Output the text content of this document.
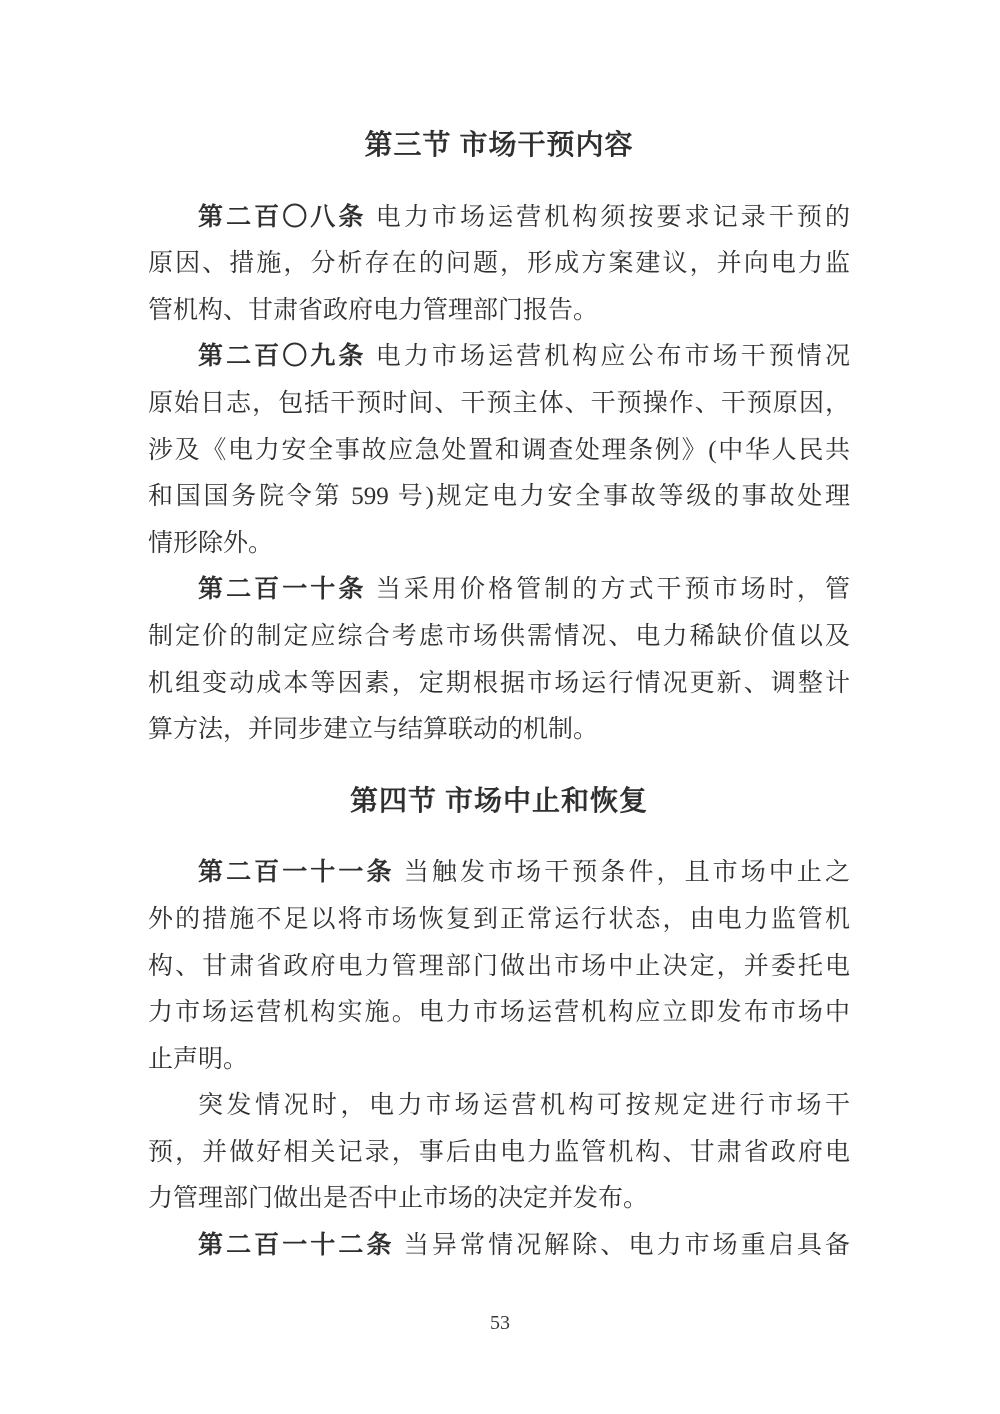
第三节 市场干预内容
第二百〇八条 电力市场运营机构须按要求记录干预的
原因、措施，分析存在的问题，形成方案建议，并向电力监
管机构、甘肃省政府电力管理部门报告。
第二百〇九条 电力市场运营机构应公布市场干预情况
原始日志，包括干预时间、干预主体、干预操作、干预原因，
涉及《电力安全事故应急处置和调查处理条例》(中华人民共
和国国务院令第 599 号)规定电力安全事故等级的事故处理
情形除外。
第二百一十条 当采用价格管制的方式干预市场时，管
制定价的制定应综合考虑市场供需情况、电力稀缺价值以及
机组变动成本等因素，定期根据市场运行情况更新、调整计
算方法，并同步建立与结算联动的机制。
第四节 市场中止和恢复
第二百一十一条 当触发市场干预条件，且市场中止之
外的措施不足以将市场恢复到正常运行状态，由电力监管机
构、甘肃省政府电力管理部门做出市场中止决定，并委托电
力市场运营机构实施。电力市场运营机构应立即发布市场中
止声明。
突发情况时，电力市场运营机构可按规定进行市场干
预，并做好相关记录，事后由电力监管机构、甘肃省政府电
力管理部门做出是否中止市场的决定并发布。
第二百一十二条 当异常情况解除、电力市场重启具备
53
